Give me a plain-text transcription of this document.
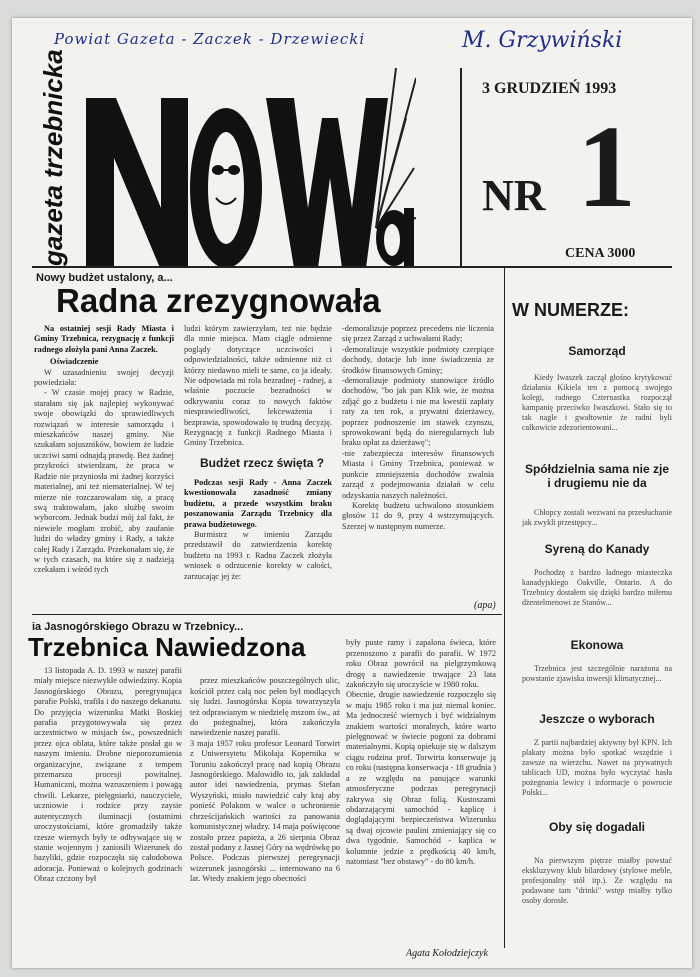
Powiat Gazeta - Zaczek - Drzewiecki	M. Grzywiński
gazeta trzebnicka	3 GRUDZIEŃ 1993
NR 1
CENA 3000
Nowy budżet ustalony, a...
Radna zrezygnowała

Na ostatniej sesji Rady Miasta i Gminy Trzebnica, rezygnację z funkcji radnego złożyła pani Anna Zaczek.

Oświadczenie

W uzasadnieniu swojej decyzji powiedziała:

- W czasie mojej pracy w Radzie, starałam się jak najlepiej wykonywać swoje obowiązki do sprawiedliwych rozwiązań w interesie samorządu i mieszkańców naszej gminy. Nie szukałam sojuszników, bowiem że ludzie uczciwi sami odnajdą prawdę. Bez żadnej przykrości stwierdzam, że praca w Radzie nie przyniosła mi żadnej korzyści materialnej, ani też niematerialnej. W tej mierze nie rozczarowałam się, a pracę swą traktowałam, jako służbę swoim wyborcom. Jednak budzi mój żal fakt, że niewiele mogłam zrobić, aby zaufanie ludzi do władzy gminy i Rady, a także całej Rady i Zarządu. Przekonałam się, że w tych czasach, na które się z nadzieją czekałam i wśród tych

ludzi którym zawierzyłam, też nie będzie dla mnie miejsca. Mam ciągle odmienne poglądy dotyczące uczciwości i odpowiedzialności, także odmienne niż ci którzy niedawno mieli te same, co ja ideały. Nie odpowiada mi rola bezradnej - radnej, a właśnie poczucie bezradności w odkrywaniu coraz to nowych faktów niesprawiedliwości, lekceważenia i bezprawia, spowodowało tę trudną decyzję. Rezygnację z funkcji Radnego Miasta i Gminy Trzebnica.

Budżet rzecz święta ?

Podczas sesji Rady - Anna Zaczek kwestionowała zasadność zmiany budżetu, a przede wszystkim braku poszanowania Zarządu Trzebnicy dla prawa budżetowego.

Burmistrz w imieniu Zarządu przedstawił do zatwierdzenia korektę budżetu na 1993 r. Radna Zaczek złożyła wniosek o odrzucenie korekty w całości, zarzucając jej że:

-demoralizuje poprzez precedens nie liczenia się przez Zarząd z uchwałami Rady;

-demoralizuje wszystkie podmioty czerpiące dochody, dotacje lub inne świadczenia ze środków finansowych Gminy;

-demoralizuje podmioty stanowiące źródło dochodów, "bo jak pan Klik wie, że można zdjąć go z budżetu i nie ma kwestii zapłaty raty za ten rok, a prywatni dzierżawcy, poprzez podnoszenie im stawek czynszu, sprowokowani będą do nieregularnych lub braku opłat za dzierżawę";

-nie zabezpiecza interesów finansowych Miasta i Gminy Trzebnica, ponieważ w punkcie zmniejszenia dochodów zwalnia zarząd z podejmowania działań w celu odzyskania naszych należności.

Korektę budżetu uchwalono stosunkiem głosów 11 do 9, przy 4 wstrzymujących. Szerzej w następnym numerze.

(apa)
ia Jasnogórskiego Obrazu w Trzebnicy...
Trzebnica Nawiedzona

13 listopada A. D. 1993 w naszej parafii miały miejsce niezwykłe odwiedziny. Kopia Jasnogórskiego Obrazu, peregrynująca parafie Polski, trafiła i do naszego dekanatu. Do przyjęcia wizerunku Matki Boskiej parafia przygotowywała się przez uczestnictwo w misjach św., powszednich przez ojca oblata, które także posłał go w naszym imieniu. Drobne nieporozumienia organizacyjne, związane z tempem przemarszu procesji powitalnej. Humaniczni, można wzruszeniem i powagą chwili. Lekarze, pielęgniarki, nauczyciele, uczniowie i rodzice przy zaysie autentycznych iluminacji (ostatnimi uroczystościami, które gromadziły także rzesze wiernych były te odbywające się w stanie wojennym ) zaniosili Wizerunek do bazyliki, gdzie rozpoczęła się całodobowa adoracja. Ponieważ o kolejnych godzinach Obraz czczony był

przez mieszkańców poszczególnych ulic, kościół przez całą noc pełen był modlących się ludzi. Jasnogórska Kopia towarzyszyła też odprawianym w niedzielę mszom św., aż do pożegnalnej, która zakończyła nawiedzenie naszej parafii.
3 maja 1957 roku profesor Leonard Torwirt z Uniwersytetu Mikołaja Kopernika w Toruniu zakończył pracę nad kopią Obrazu Jasnogórskiego. Malowidło to, jak zakładał autor idei nawiedzenia, prymas Stefan Wyszyński, miało nawiedzić cały kraj aby ponieść Polakom w walce o uchronienie chrześcijańskich wartości za panowania komunistycznej władzy. 14 maja poświęcone zostało przez papieża, a 26 sierpnia Obraz został podany z Jasnej Góry na wędrówkę po Polsce. Podczas pierwszej peregrynacji wizerunek jasnogórski ... internowano na 6 lat. Wtedy znakiem jego obecności

były puste ramy i zapalona świeca, które przenoszono z parafii do parafii. W 1972 roku Obraz powrócił na pielgrzymkową drogę a nawiedzenie trwające 23 lata zakończyło się uroczyście w 1980 roku.
Obecnie, drugie nawiedzenie rozpoczęło się w maju 1985 roku i ma już niemal koniec. Ma jednocześć wiernych i być widzialnym znakiem wartości moralnych, które warto pielęgnować w świecie pogoni za dobrami materialnymi. Kopią opiekuje się w dalszym ciągu rodzina prof. Torwirta konserwuje ją co roku (następna konserwacja - 18 grudnia ) a ze względu na panujące warunki atmosferyczne podczas peregrynacji zakrywa się Obraz folią. Kustoszami obdarzającymi samochód - kaplicę i doglądającymi bezpieczeństwa Wizerunku są dwaj ojcowie paulini zmieniający się co dwa tygodnie. Samochód - kaplica w kolumnie jedzie z prędkością 40 km/h, natomiast "bez obstawy" - do 80 km/h.

Agata Kołodziejczyk
W NUMERZE:
Samorząd
Kiedy Iwaszek zaczął głośno krytykować działania Kikiela ten z pomocą swojego kolegi, radnego Czternastka rozpoczął kampanię przeciwko Iwaszkowi. Stało się to tak nagle i gwałtownie że radni byli całkowicie zdezorientowani...
Spółdzielnia sama nie zje i drugiemu nie da
Chłopcy zostali wezwani na przesłuchanie jak zwykli przestępcy...
Syreną do Kanady
Pochodzę z bardzo ładnego miasteczka kanadyjskiego Oakville, Ontario. A do Trzebnicy dostałem się dzięki bardzo miłemu dżentelmenowi ze Stanów...
Ekonowa
Trzebnica jest szczególnie narażona na powstanie zjawiska inwersji klimatycznej...
Jeszcze o wyborach
Z partii najbardziej aktywny był KPN. Ich plakaty można było spotkać wszędzie i zawsze na wierzchu. Nawet na prywatnych tablicach UD, można było wyczytać hasła pożegnania lewicy i informacje o powrocie Polski...
Oby się dogadali
Na pierwszym piętrze miałby powstać ekskluzywny klub bilardowy (stylowe meble, profesjonalny stół itp.). Ze względu na podawane tam "drinki" wstęp miałby tylko osoby dorosłe.
